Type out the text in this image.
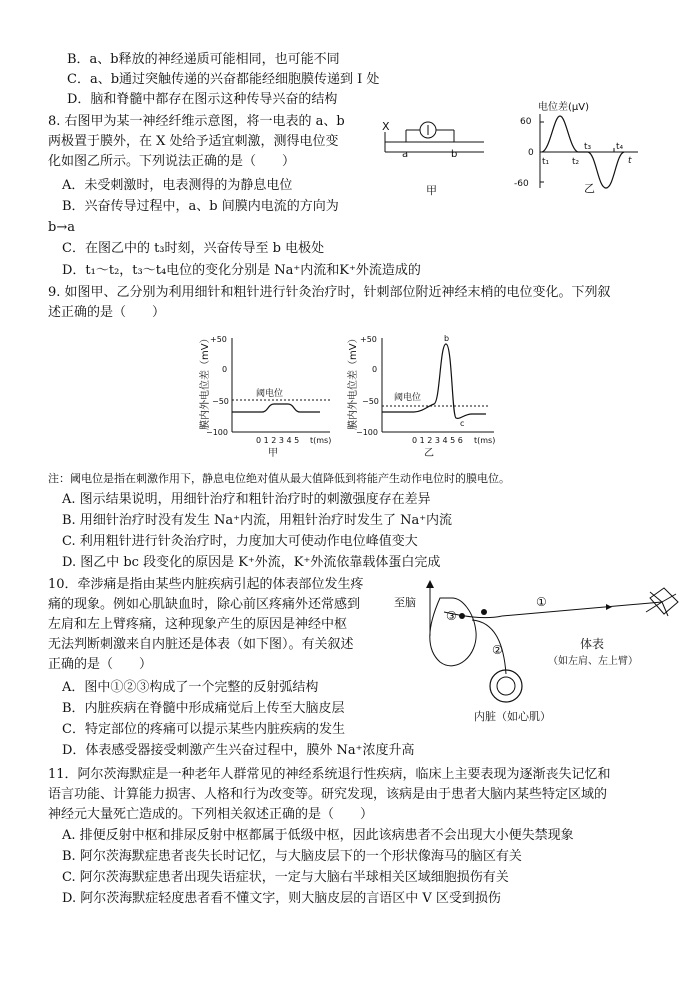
B．a、b释放的神经递质可能相同，也可能不同
C．a、b通过突触传递的兴奋都能经细胞膜传递到 I 处
D．脑和脊髓中都存在图示这种传导兴奋的结构
8. 右图甲为某一神经纤维示意图，将一电表的 a、b
两极置于膜外，在 X 处给予适宜刺激，测得电位变
化如图乙所示。下列说法正确的是（　　）
A．未受刺激时，电表测得的为静息电位
B．兴奋传导过程中，a、b 间膜内电流的方向为
b→a
C．在图乙中的 t₃时刻，兴奋传导至 b 电极处
D．t₁～t₂，t₃～t₄电位的变化分别是 Na⁺内流和K⁺外流造成的
X
a	b
甲
电位差(μV)
60
0
-60
t₁	t₂
t₃	t₄
t
乙
9. 如图甲、乙分别为利用细针和粗针进行针灸治疗时，针刺部位附近神经末梢的电位变化。下列叙
述正确的是（　　）
膜内外电位差（mV） +50
0
−50
−100
阈电位
0 1 2 3 4 5 t(ms)
甲
膜内外电位差（mV） +50
0
−50
−100
阈电位
b
c
0 1 2 3 4 5 6 t(ms)
乙
注：阈电位是指在刺激作用下，静息电位绝对值从最大值降低到将能产生动作电位时的膜电位。
A. 图示结果说明，用细针治疗和粗针治疗时的刺激强度存在差异
B. 用细针治疗时没有发生 Na⁺内流，用粗针治疗时发生了 Na⁺内流
C. 利用粗针进行针灸治疗时，力度加大可使动作电位峰值变大
D. 图乙中 bc 段变化的原因是 K⁺外流，K⁺外流依靠载体蛋白完成
10．牵涉痛是指由某些内脏疾病引起的体表部位发生疼
痛的现象。例如心肌缺血时，除心前区疼痛外还常感到
左肩和左上臂疼痛，这种现象产生的原因是神经中枢
无法判断刺激来自内脏还是体表（如下图）。有关叙述
正确的是（　　）
A．图中①②③构成了一个完整的反射弧结构
B．内脏疾病在脊髓中形成痛觉后上传至大脑皮层
C．特定部位的疼痛可以提示某些内脏疾病的发生
D．体表感受器接受刺激产生兴奋过程中，膜外 Na⁺浓度升高
至脑	①
②
③
内脏（如心肌）
体表
（如左肩、左上臂）
11．阿尔茨海默症是一种老年人群常见的神经系统退行性疾病，临床上主要表现为逐渐丧失记忆和
语言功能、计算能力损害、人格和行为改变等。研究发现，该病是由于患者大脑内某些特定区域的
神经元大量死亡造成的。下列相关叙述正确的是（　　）
A. 排便反射中枢和排尿反射中枢都属于低级中枢，因此该病患者不会出现大小便失禁现象
B. 阿尔茨海默症患者丧失长时记忆，与大脑皮层下的一个形状像海马的脑区有关
C. 阿尔茨海默症患者出现失语症状，一定与大脑右半球相关区域细胞损伤有关
D. 阿尔茨海默症轻度患者看不懂文字，则大脑皮层的言语区中 V 区受到损伤
